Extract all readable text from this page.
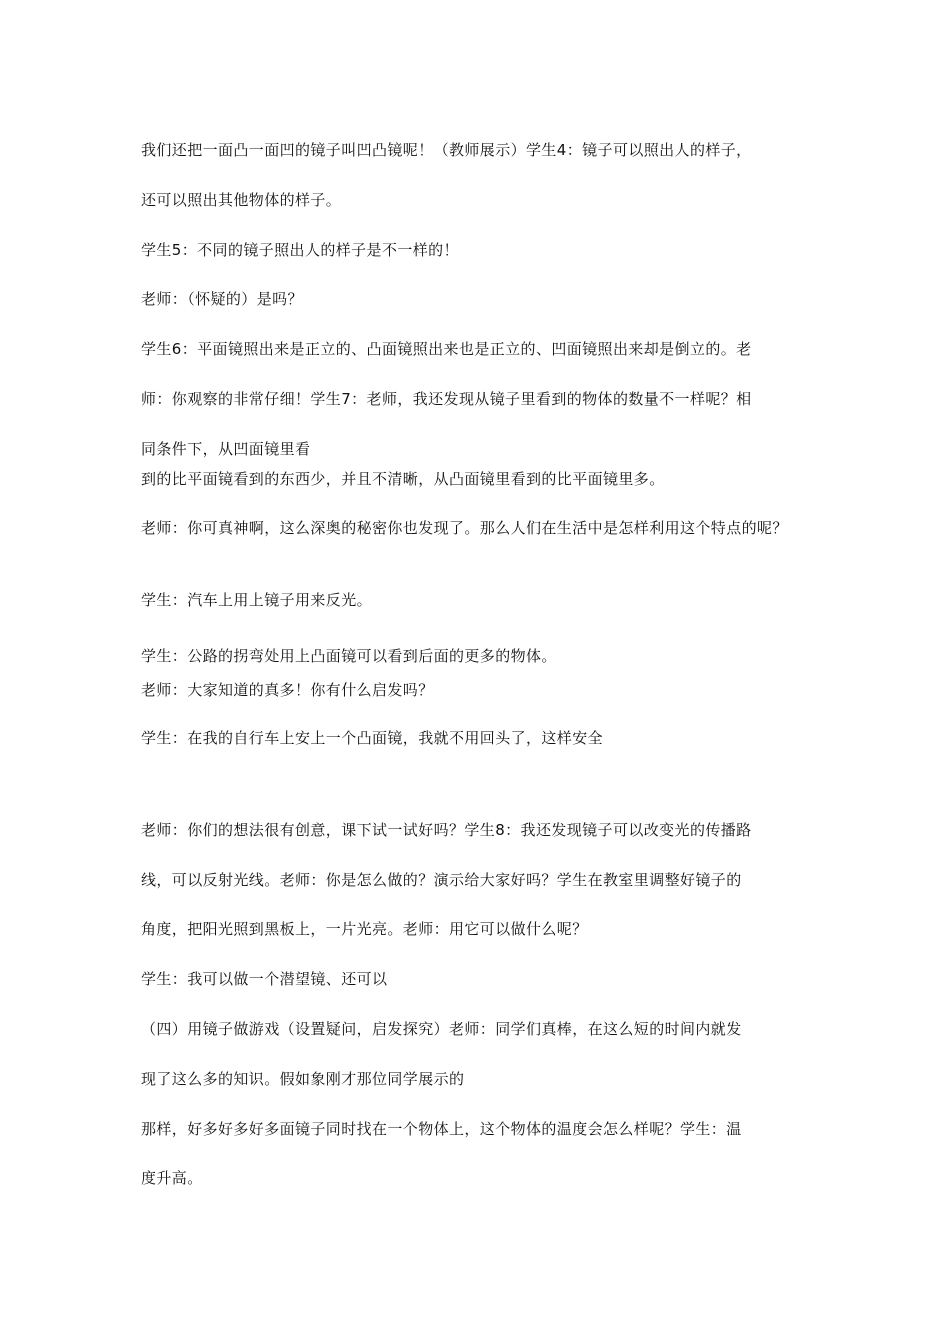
我们还把一面凸一面凹的镜子叫凹凸镜呢！（教师展示）学生4：镜子可以照出人的样子，
还可以照出其他物体的样子。
学生5：不同的镜子照出人的样子是不一样的！
老师：（怀疑的）是吗？
学生6：平面镜照出来是正立的、凸面镜照出来也是正立的、凹面镜照出来却是倒立的。老
师：你观察的非常仔细！学生7：老师，我还发现从镜子里看到的物体的数量不一样呢？相
同条件下，从凹面镜里看
到的比平面镜看到的东西少，并且不清晰，从凸面镜里看到的比平面镜里多。
老师：你可真神啊，这么深奥的秘密你也发现了。那么人们在生活中是怎样利用这个特点的呢？
学生：汽车上用上镜子用来反光。
学生：公路的拐弯处用上凸面镜可以看到后面的更多的物体。
老师：大家知道的真多！你有什么启发吗？
学生：在我的自行车上安上一个凸面镜，我就不用回头了，这样安全
老师：你们的想法很有创意，课下试一试好吗？学生8：我还发现镜子可以改变光的传播路
线，可以反射光线。老师：你是怎么做的？演示给大家好吗？学生在教室里调整好镜子的
角度，把阳光照到黑板上，一片光亮。老师：用它可以做什么呢？
学生：我可以做一个潜望镜、还可以
（四）用镜子做游戏（设置疑问，启发探究）老师：同学们真棒，在这么短的时间内就发
现了这么多的知识。假如象刚才那位同学展示的
那样，好多好多好多面镜子同时找在一个物体上，这个物体的温度会怎么样呢？学生：温
度升高。
